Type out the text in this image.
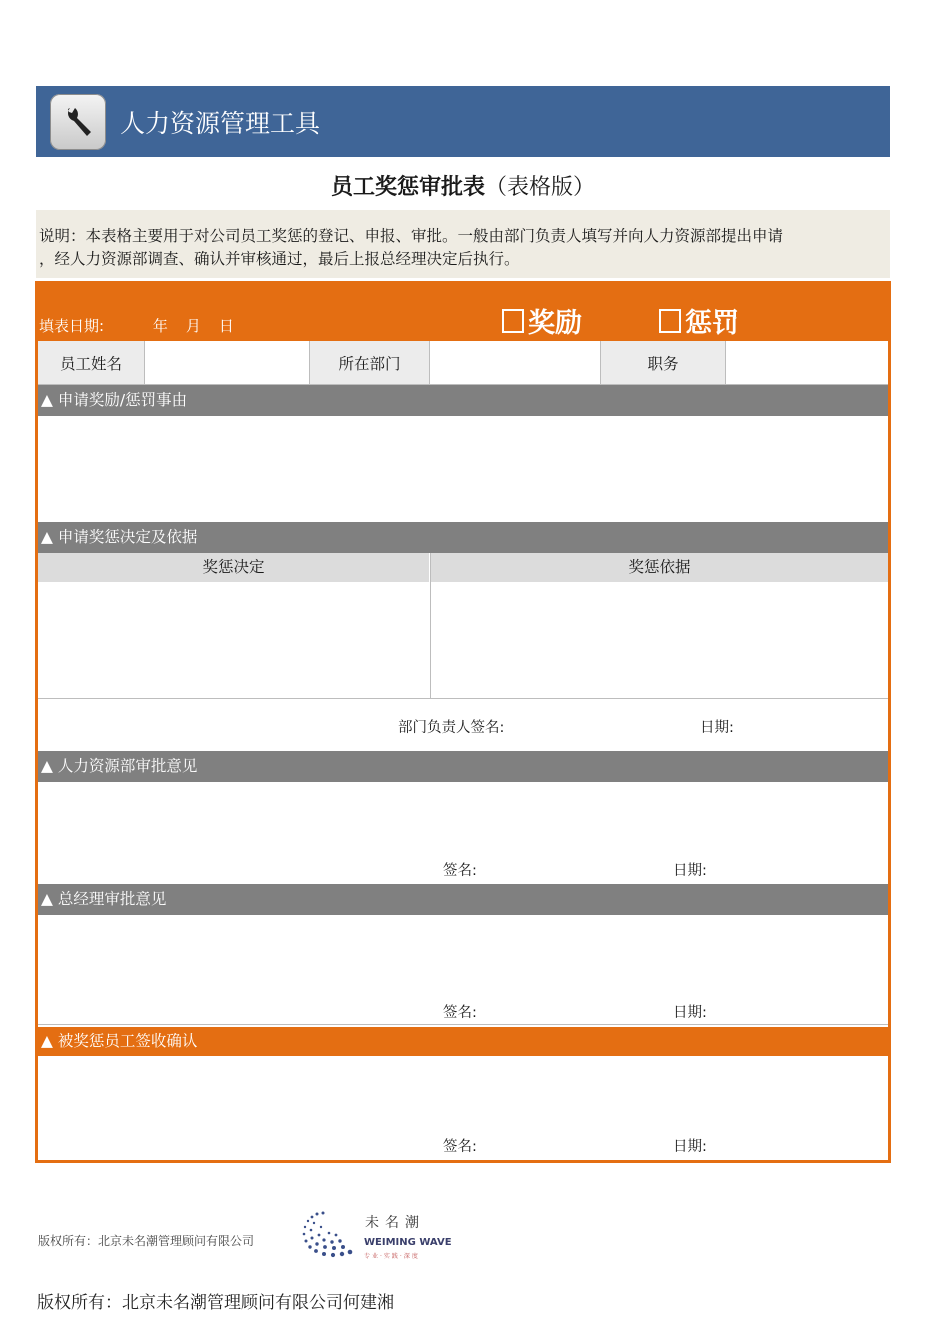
人力资源管理工具
员工奖惩审批表（表格版）
说明：本表格主要用于对公司员工奖惩的登记、申报、审批。一般由部门负责人填写并向人力资源部提出申请
，经人力资源部调查、确认并审核通过，最后上报总经理决定后执行。
填表日期:	年 月 日	奖励	惩罚
员工姓名	所在部门	职务
▲ 申请奖励/惩罚事由
▲ 申请奖惩决定及依据
奖惩决定	奖惩依据
部门负责人签名:	日期:
▲ 人力资源部审批意见
签名:	日期:
▲ 总经理审批意见
签名:	日期:
▲ 被奖惩员工签收确认
签名:	日期:
版权所有：北京未名潮管理顾问有限公司
未名潮
WEIMING WAVE
专业·实践·深度
版权所有：北京未名潮管理顾问有限公司何建湘
